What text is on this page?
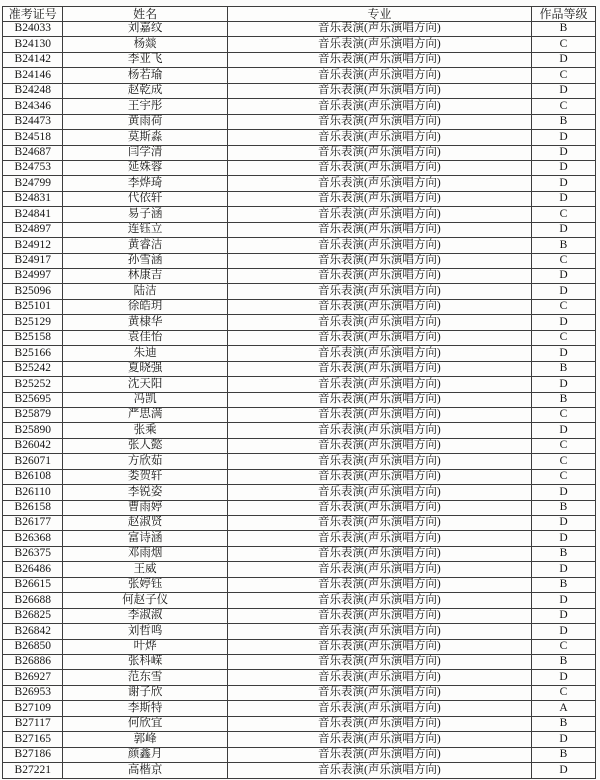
准考证号	姓名	专业	作品等级
B24033	刘嘉纹	音乐表演(声乐演唱方向)	B
B24130	杨燚	音乐表演(声乐演唱方向)	C
B24142	李亚飞	音乐表演(声乐演唱方向)	D
B24146	杨若瑜	音乐表演(声乐演唱方向)	C
B24248	赵乾成	音乐表演(声乐演唱方向)	D
B24346	王宇彤	音乐表演(声乐演唱方向)	C
B24473	黄雨荷	音乐表演(声乐演唱方向)	B
B24518	莫斯淼	音乐表演(声乐演唱方向)	D
B24687	闫学清	音乐表演(声乐演唱方向)	D
B24753	延姝蓉	音乐表演(声乐演唱方向)	D
B24799	李烨琦	音乐表演(声乐演唱方向)	D
B24831	代依轩	音乐表演(声乐演唱方向)	D
B24841	易子涵	音乐表演(声乐演唱方向)	C
B24897	连钰立	音乐表演(声乐演唱方向)	D
B24912	黄睿洁	音乐表演(声乐演唱方向)	B
B24917	孙雪涵	音乐表演(声乐演唱方向)	C
B24997	林康吉	音乐表演(声乐演唱方向)	D
B25096	陆洁	音乐表演(声乐演唱方向)	D
B25101	徐皓玥	音乐表演(声乐演唱方向)	C
B25129	黄棣华	音乐表演(声乐演唱方向)	D
B25158	袁佳怡	音乐表演(声乐演唱方向)	C
B25166	朱迪	音乐表演(声乐演唱方向)	D
B25242	夏晓强	音乐表演(声乐演唱方向)	B
B25252	沈天阳	音乐表演(声乐演唱方向)	D
B25695	冯凯	音乐表演(声乐演唱方向)	B
B25879	严思满	音乐表演(声乐演唱方向)	C
B25890	张乘	音乐表演(声乐演唱方向)	D
B26042	张人懿	音乐表演(声乐演唱方向)	C
B26071	方欣茹	音乐表演(声乐演唱方向)	C
B26108	娄贺轩	音乐表演(声乐演唱方向)	C
B26110	李锐姿	音乐表演(声乐演唱方向)	D
B26158	曹雨婷	音乐表演(声乐演唱方向)	B
B26177	赵淑贤	音乐表演(声乐演唱方向)	D
B26368	富诗涵	音乐表演(声乐演唱方向)	D
B26375	邓雨烟	音乐表演(声乐演唱方向)	B
B26486	王威	音乐表演(声乐演唱方向)	D
B26615	张婷钰	音乐表演(声乐演唱方向)	B
B26688	何赵子仪	音乐表演(声乐演唱方向)	D
B26825	李淑淑	音乐表演(声乐演唱方向)	D
B26842	刘哲鸣	音乐表演(声乐演唱方向)	D
B26850	叶烨	音乐表演(声乐演唱方向)	C
B26886	张科嵘	音乐表演(声乐演唱方向)	B
B26927	范东雪	音乐表演(声乐演唱方向)	D
B26953	谢子欣	音乐表演(声乐演唱方向)	C
B27109	李斯特	音乐表演(声乐演唱方向)	A
B27117	何欣宜	音乐表演(声乐演唱方向)	B
B27165	郭峰	音乐表演(声乐演唱方向)	D
B27186	颜鑫月	音乐表演(声乐演唱方向)	B
B27221	高楷京	音乐表演(声乐演唱方向)	D
